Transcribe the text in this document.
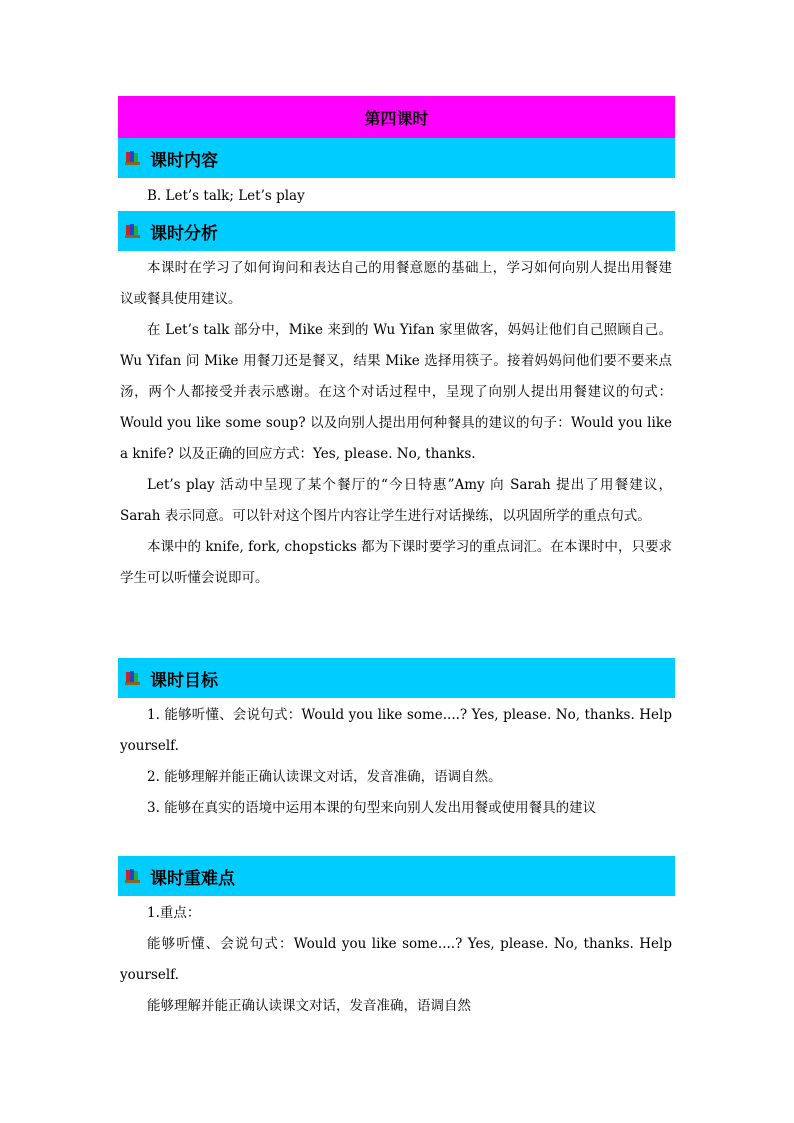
第四课时
课时内容

B. Let’s talk; Let’s play

课时分析

本课时在学习了如何询问和表达自己的用餐意愿的基础上，学习如何向别人提出用餐建议或餐具使用建议。

在 Let’s talk 部分中，Mike 来到的 Wu Yifan 家里做客，妈妈让他们自己照顾自己。Wu Yifan 问 Mike 用餐刀还是餐叉，结果 Mike 选择用筷子。接着妈妈问他们要不要来点汤，两个人都接受并表示感谢。在这个对话过程中，呈现了向别人提出用餐建议的句式：Would you like some soup? 以及向别人提出用何种餐具的建议的句子：Would you like a knife? 以及正确的回应方式：Yes, please. No, thanks.

Let’s play 活动中呈现了某个餐厅的“今日特惠”Amy 向 Sarah 提出了用餐建议，Sarah 表示同意。可以针对这个图片内容让学生进行对话操练，以巩固所学的重点句式。

本课中的 knife, fork, chopsticks 都为下课时要学习的重点词汇。在本课时中，只要求学生可以听懂会说即可。

课时目标

1. 能够听懂、会说句式：Would you like some....? Yes, please. No, thanks. Help yourself.

2. 能够理解并能正确认读课文对话，发音准确，语调自然。

3. 能够在真实的语境中运用本课的句型来向别人发出用餐或使用餐具的建议

课时重难点

1.重点：

能够听懂、会说句式：Would you like some....? Yes, please. No, thanks. Help yourself.

能够理解并能正确认读课文对话，发音准确，语调自然
